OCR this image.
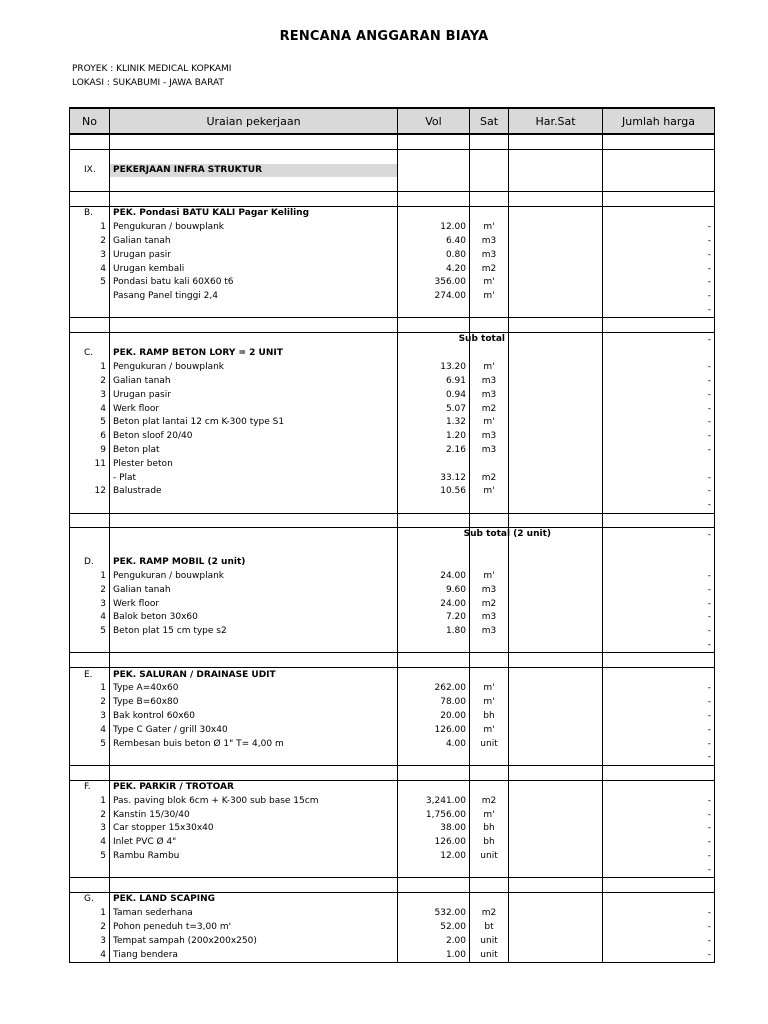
RENCANA ANGGARAN BIAYA
PROYEK : KLINIK MEDICAL KOPKAMI
LOKASI : SUKABUMI - JAWA BARAT
No	Uraian pekerjaan	Vol	Sat	Har.Sat	Jumlah harga

IX.	PEKERJAAN INFRA STRUKTUR				

B.	PEK. Pondasi BATU KALI Pagar Keliling				
1	Pengukuran / bouwplank	12.00	m'		-
2	Galian tanah	6.40	m3		-
3	Urugan pasir	0.80	m3		-
4	Urugan kembali	4.20	m2		-
5	Pondasi batu kali 60X60 t6	356.00	m'		-
	Pasang Panel tinggi 2,4	274.00	m'		-
					-

		Sub total			-
C.	PEK. RAMP BETON LORY = 2 UNIT				
1	Pengukuran / bouwplank	13.20	m'		-
2	Galian tanah	6.91	m3		-
3	Urugan pasir	0.94	m3		-
4	Werk floor	5.07	m2		-
5	Beton plat lantai 12 cm K-300 type S1	1.32	m'		-
6	Beton sloof 20/40	1.20	m3		-
9	Beton plat	2.16	m3		-
11	Plester beton				
	- Plat	33.12	m2		-
12	Balustrade	10.56	m'		-
					-

		Sub total (2 unit)			-

D.	PEK. RAMP MOBIL (2 unit)				
1	Pengukuran / bouwplank	24.00	m'		-
2	Galian tanah	9.60	m3		-
3	Werk floor	24.00	m2		-
4	Balok beton 30x60	7.20	m3		-
5	Beton plat 15 cm type s2	1.80	m3		-
					-

E.	PEK. SALURAN / DRAINASE UDIT				
1	Type A=40x60	262.00	m'		-
2	Type B=60x80	78.00	m'		-
3	Bak kontrol 60x60	20.00	bh		-
4	Type C Gater / grill 30x40	126.00	m'		-
5	Rembesan buis beton Ø 1" T= 4,00 m	4.00	unit		-
					-

F.	PEK. PARKIR / TROTOAR				
1	Pas. paving blok 6cm + K-300 sub base 15cm	3,241.00	m2		-
2	Kanstin 15/30/40	1,756.00	m'		-
3	Car stopper 15x30x40	38.00	bh		-
4	Inlet PVC Ø 4"	126.00	bh		-
5	Rambu Rambu	12.00	unit		-
					-

G.	PEK. LAND SCAPING				
1	Taman sederhana	532.00	m2		-
2	Pohon peneduh t=3,00 m'	52.00	bt		-
3	Tempat sampah (200x200x250)	2.00	unit		-
4	Tiang bendera	1.00	unit		-
